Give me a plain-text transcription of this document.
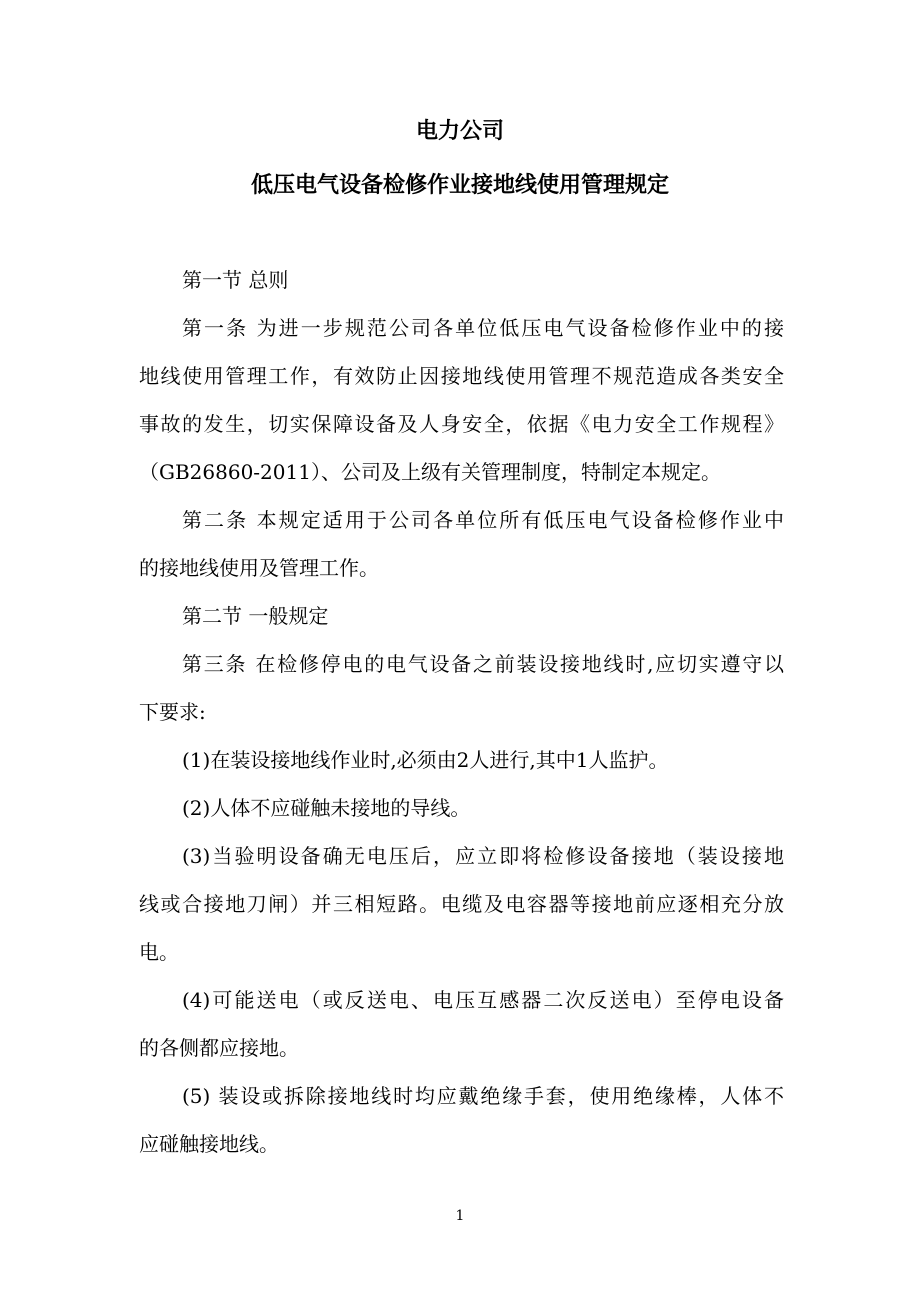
电力公司
低压电气设备检修作业接地线使用管理规定
第一节 总则
第一条 为进一步规范公司各单位低压电气设备检修作业中的接
地线使用管理工作，有效防止因接地线使用管理不规范造成各类安全
事故的发生，切实保障设备及人身安全，依据《电力安全工作规程》
（GB26860-2011）、公司及上级有关管理制度，特制定本规定。
第二条 本规定适用于公司各单位所有低压电气设备检修作业中
的接地线使用及管理工作。
第二节 一般规定
第三条 在检修停电的电气设备之前装设接地线时,应切实遵守以
下要求:
(1)在装设接地线作业时,必须由2人进行,其中1人监护。
(2)人体不应碰触未接地的导线。
(3)当验明设备确无电压后，应立即将检修设备接地（装设接地
线或合接地刀闸）并三相短路。电缆及电容器等接地前应逐相充分放
电。
(4)可能送电（或反送电、电压互感器二次反送电）至停电设备
的各侧都应接地。
(5) 装设或拆除接地线时均应戴绝缘手套，使用绝缘棒，人体不
应碰触接地线。
1
